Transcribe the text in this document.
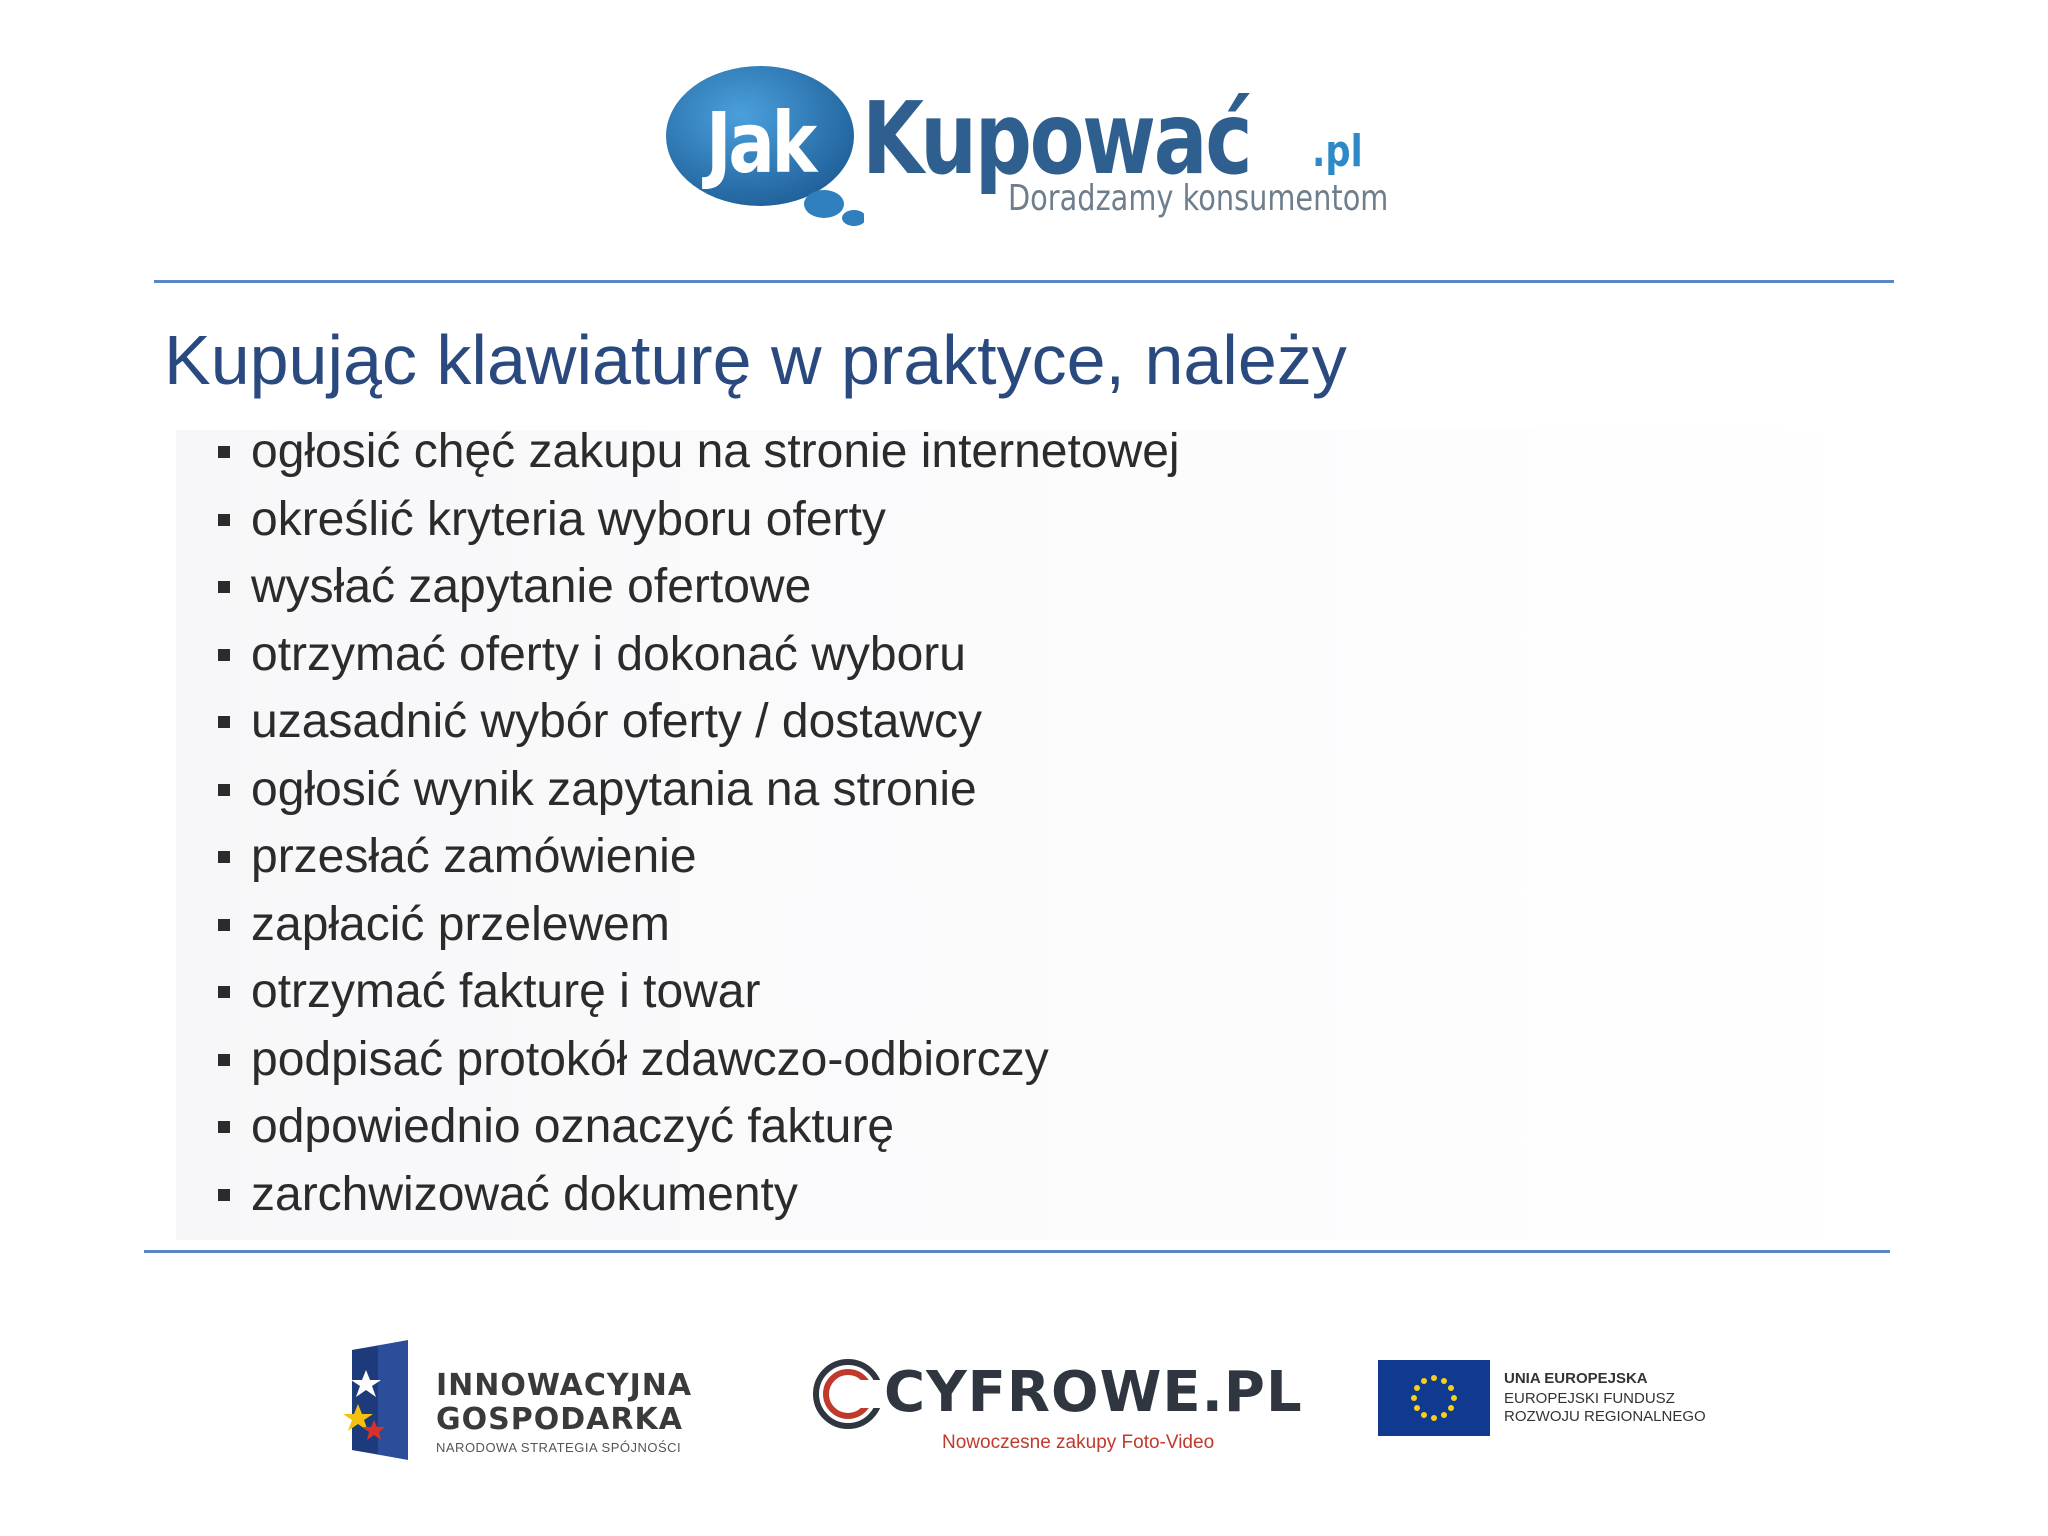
Jak Kupować .pl
Doradzamy konsumentom
Kupując klawiaturę w praktyce, należy
ogłosić chęć zakupu na stronie internetowej
określić kryteria wyboru oferty
wysłać zapytanie ofertowe
otrzymać oferty i dokonać wyboru
uzasadnić wybór oferty / dostawcy
ogłosić wynik zapytania na stronie
przesłać zamówienie
zapłacić przelewem
otrzymać fakturę i towar
podpisać protokół zdawczo-odbiorczy
odpowiednio oznaczyć fakturę
zarchwizować dokumenty
INNOWACYJNA
GOSPODARKA
NARODOWA STRATEGIA SPÓJNOŚCI
CYFROWE.PL
Nowoczesne zakupy Foto-Video
UNIA EUROPEJSKA
EUROPEJSKI FUNDUSZ
ROZWOJU REGIONALNEGO
